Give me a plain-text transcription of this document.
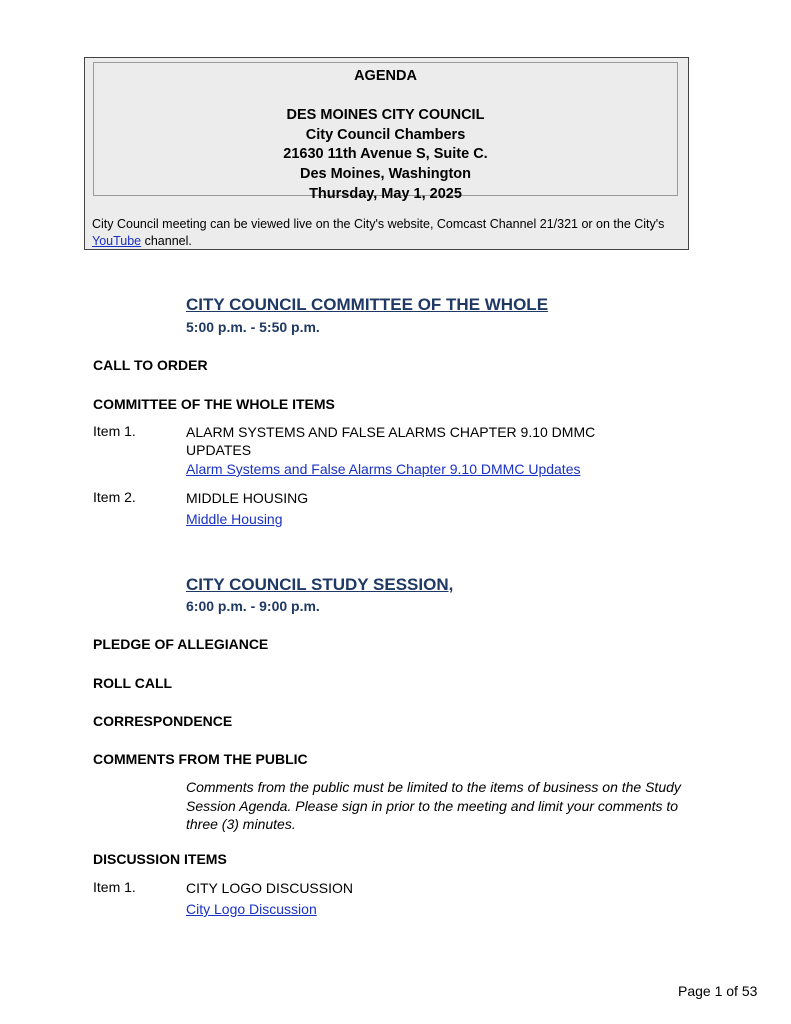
AGENDA
DES MOINES CITY COUNCIL
City Council Chambers
21630 11th Avenue S, Suite C.
Des Moines, Washington
Thursday, May 1, 2025
City Council meeting can be viewed live on the City's website, Comcast Channel 21/321 or on the City's YouTube channel.
CITY COUNCIL COMMITTEE OF THE WHOLE
5:00 p.m. - 5:50 p.m.
CALL TO ORDER
COMMITTEE OF THE WHOLE ITEMS
Item 1.	ALARM SYSTEMS AND FALSE ALARMS CHAPTER 9.10 DMMC UPDATES
Alarm Systems and False Alarms Chapter 9.10 DMMC Updates
Item 2.	MIDDLE HOUSING
Middle Housing
CITY COUNCIL STUDY SESSION,
6:00 p.m. - 9:00 p.m.
PLEDGE OF ALLEGIANCE
ROLL CALL
CORRESPONDENCE
COMMENTS FROM THE PUBLIC
Comments from the public must be limited to the items of business on the Study Session Agenda. Please sign in prior to the meeting and limit your comments to three (3) minutes.
DISCUSSION ITEMS
Item 1.	CITY LOGO DISCUSSION
City Logo Discussion
Page 1 of 53
